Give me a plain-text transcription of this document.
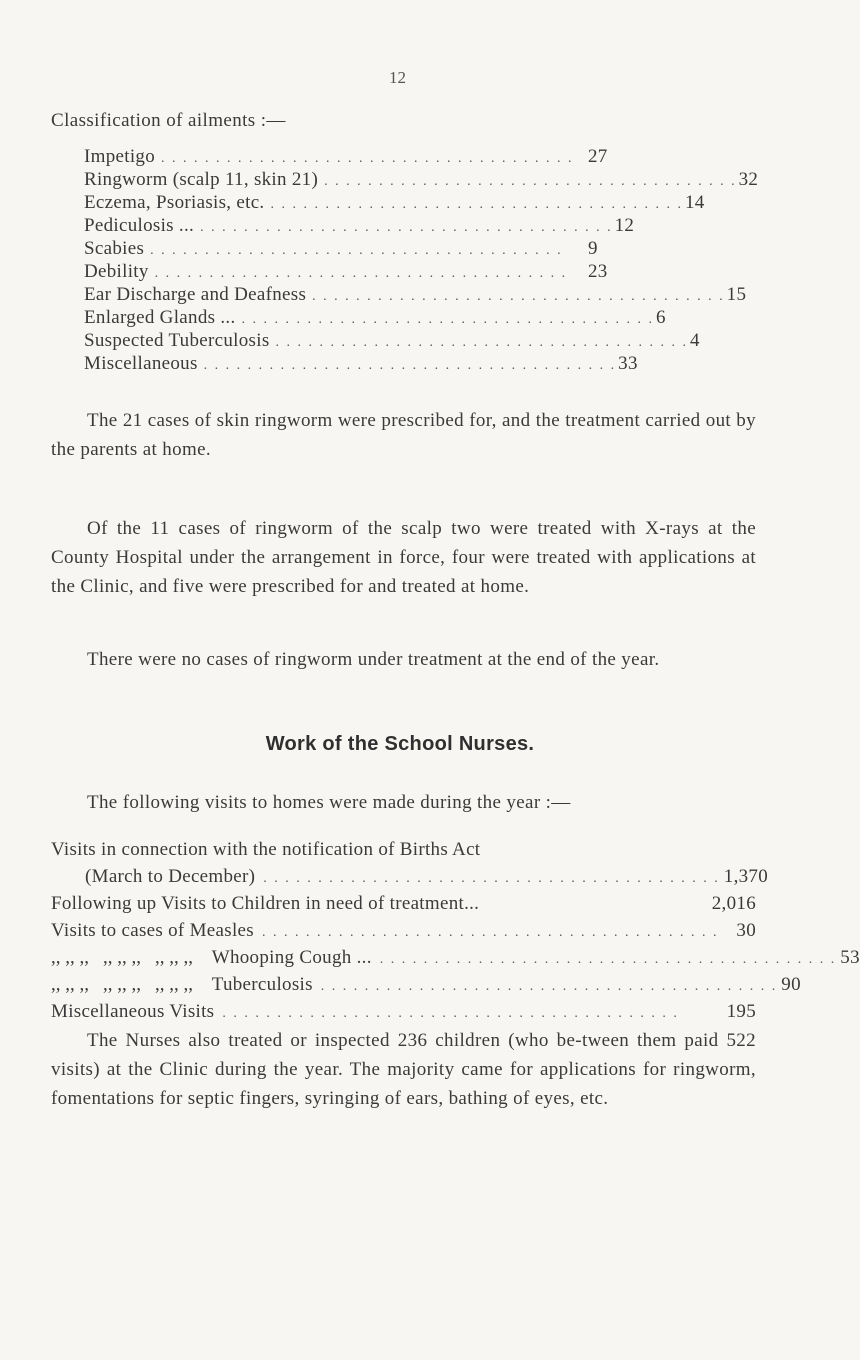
12
Classification of ailments :—
Impetigo . . . . . . . . . . . . . . . . . . . . . . . . . . . . . . . . . . . . . . 27
Ringworm (scalp 11, skin 21) . . . . . . . . . . . . . . . . . . . . . . . . . . . . . . . . . . . . . . 32
Eczema, Psoriasis, etc. . . . . . . . . . . . . . . . . . . . . . . . . . . . . . . . . . . . . . . 14
Pediculosis ... . . . . . . . . . . . . . . . . . . . . . . . . . . . . . . . . . . . . . . 12
Scabies . . . . . . . . . . . . . . . . . . . . . . . . . . . . . . . . . . . . . .	9
Debility . . . . . . . . . . . . . . . . . . . . . . . . . . . . . . . . . . . . . .	23
Ear Discharge and Deafness . . . . . . . . . . . . . . . . . . . . . . . . . . . . . . . . . . . . . . 15
Enlarged Glands ... . . . . . . . . . . . . . . . . . . . . . . . . . . . . . . . . . . . . . . 6
Suspected Tuberculosis . . . . . . . . . . . . . . . . . . . . . . . . . . . . . . . . . . . . . . 4
Miscellaneous . . . . . . . . . . . . . . . . . . . . . . . . . . . . . . . . . . . . . . 33

The 21 cases of skin ringworm were prescribed for, and the treatment carried out by the parents at home.

Of the 11 cases of ringworm of the scalp two were treated with X-rays at the County Hospital under the arrangement in force, four were treated with applications at the Clinic, and five were prescribed for and treated at home.

There were no cases of ringworm under treatment at the end of the year.

Work of the School Nurses.

The following visits to homes were made during the year :—

Visits in connection with the notification of Births Act
(March to December) . . . . . . . . . . . . . . . . . . . . . . . . . . . . . . . . . . . . . . . . . . 1,370
Following up Visits to Children in need of treatment...	2,016
Visits to cases of Measles . . . . . . . . . . . . . . . . . . . . . . . . . . . . . . . . . . . . . . . . . . 30
,, ,, ,, ,, ,, ,, ,, ,, ,, Whooping Cough ... . . . . . . . . . . . . . . . . . . . . . . . . . . . . . . . . . . . . . . . . . . 53
,, ,, ,, ,, ,, ,, ,, ,, ,, Tuberculosis . . . . . . . . . . . . . . . . . . . . . . . . . . . . . . . . . . . . . . . . . . 90
Miscellaneous Visits . . . . . . . . . . . . . . . . . . . . . . . . . . . . . . . . . . . . . . . . . .	195

The Nurses also treated or inspected 236 children (who be-tween them paid 522 visits) at the Clinic during the year. The majority came for applications for ringworm, fomentations for septic fingers, syringing of ears, bathing of eyes, etc.
